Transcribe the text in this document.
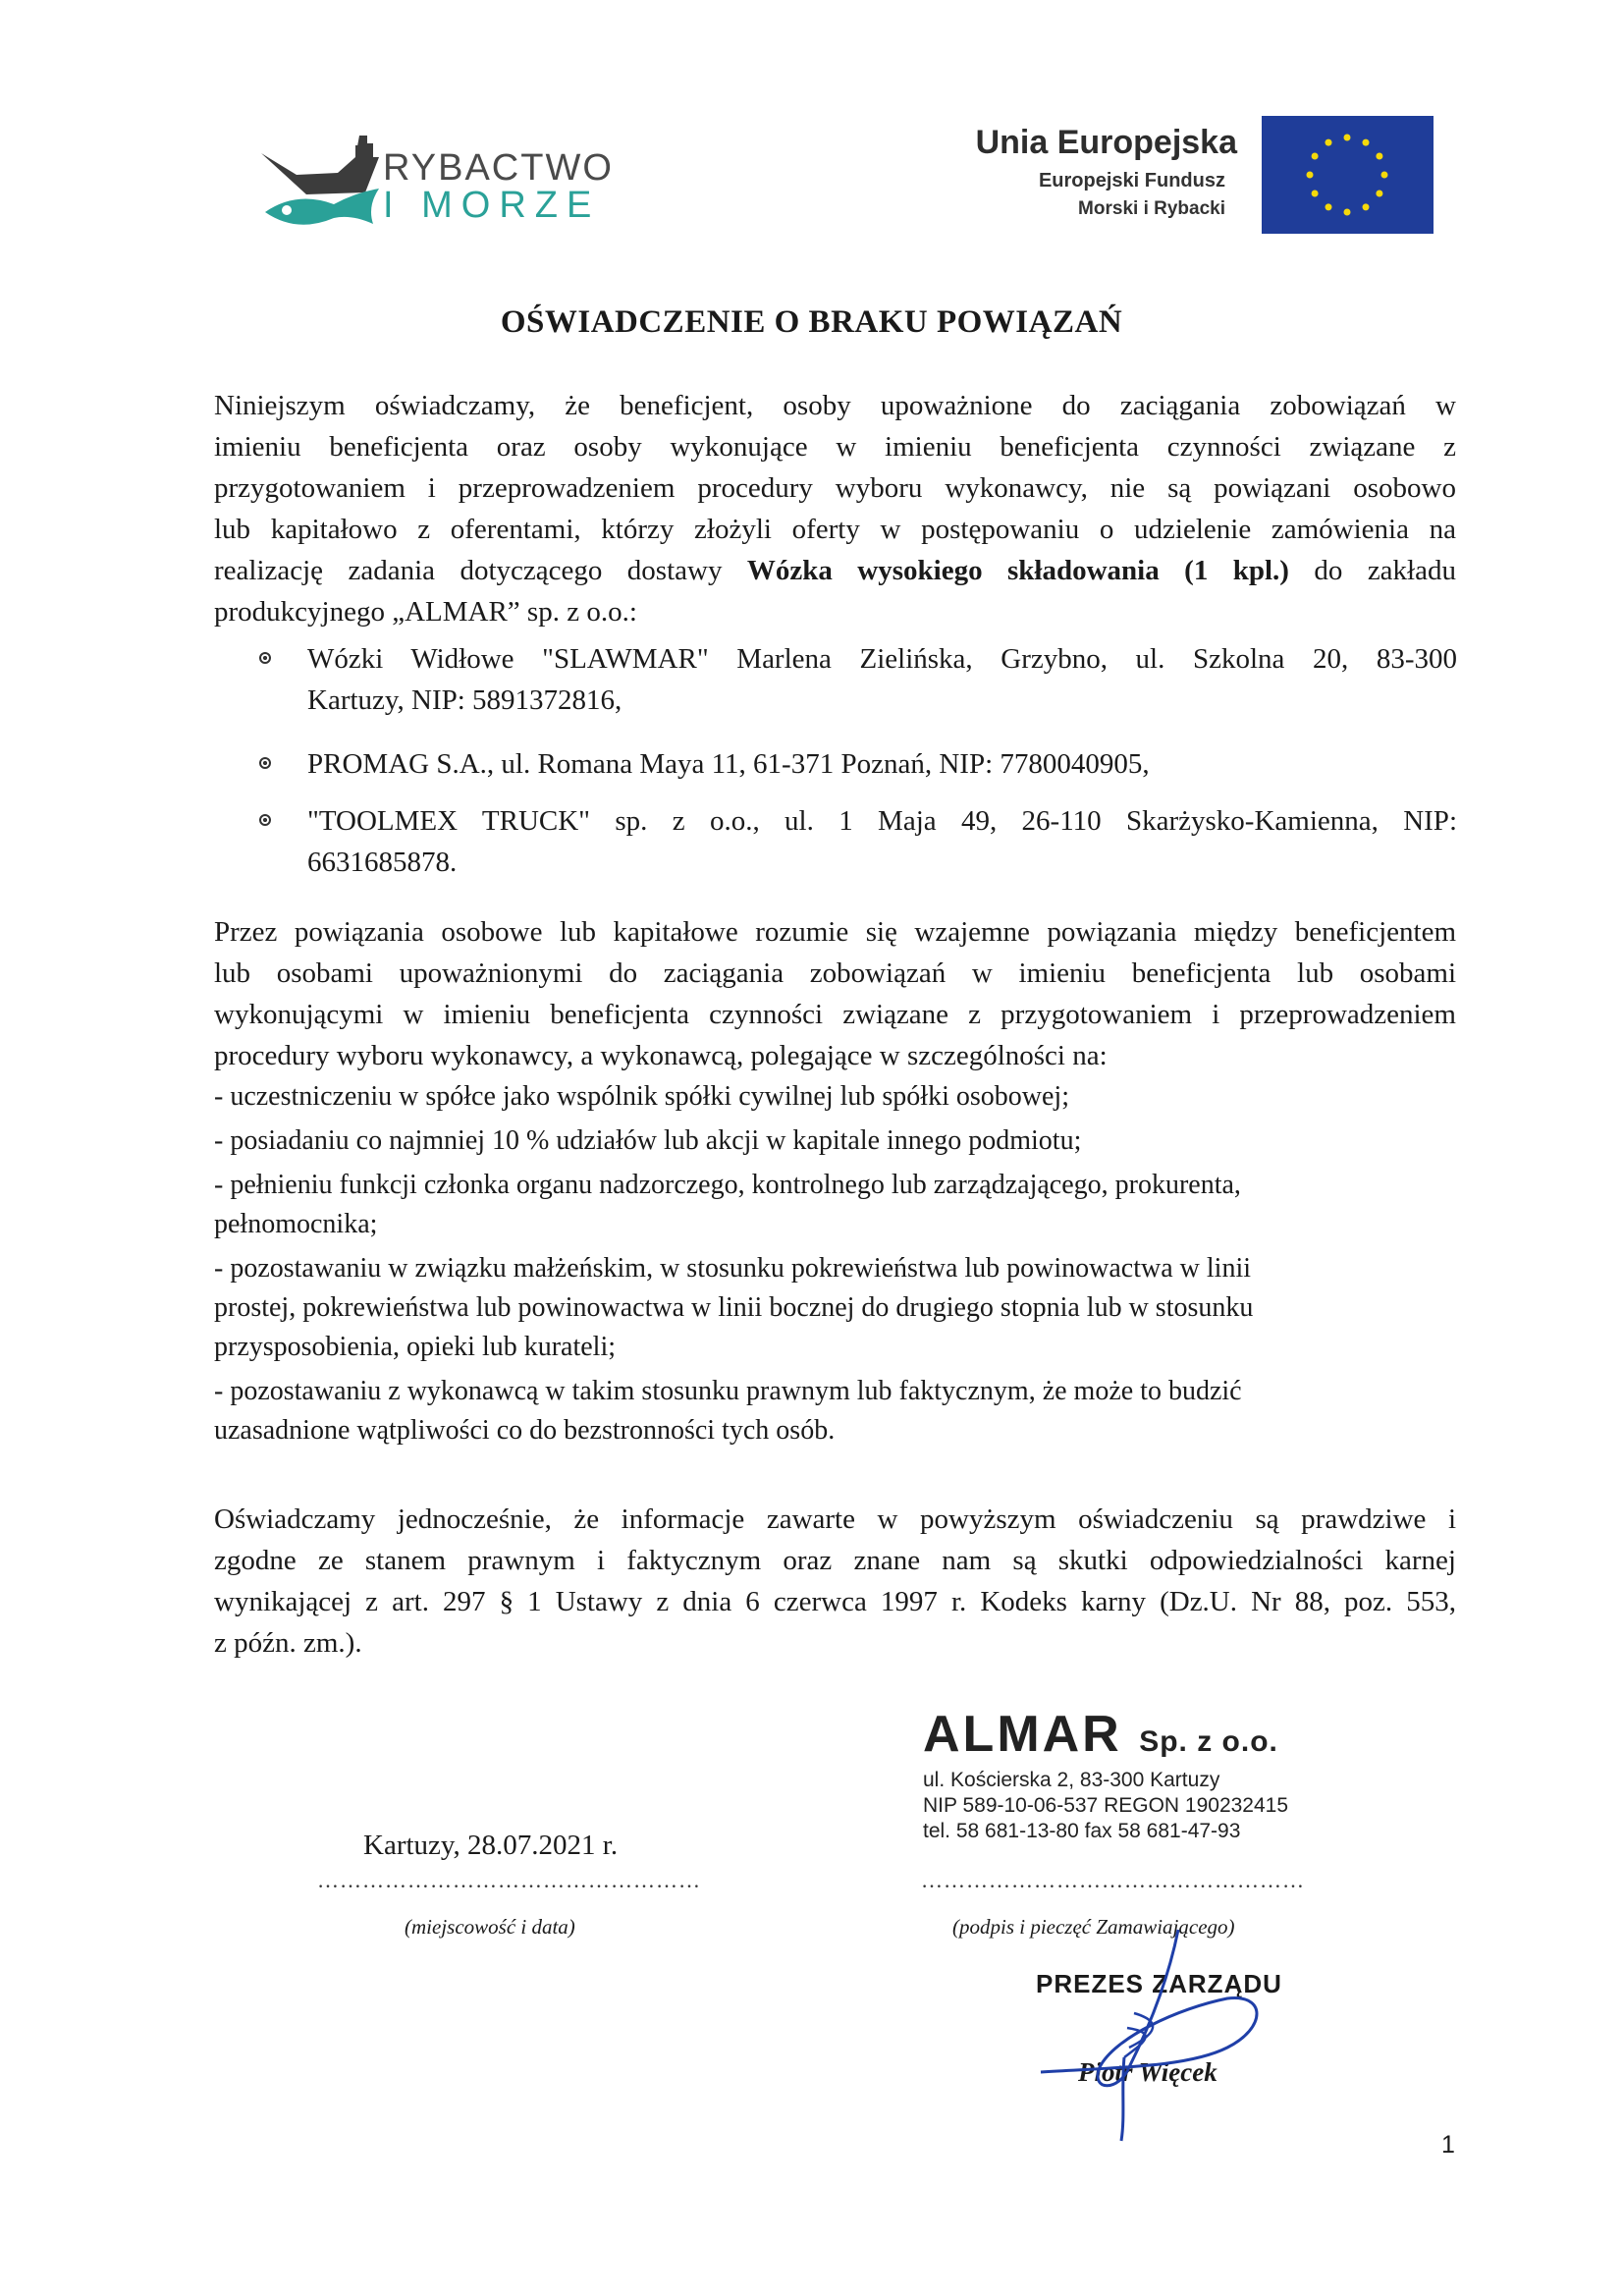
RYBACTWO
I MORZE
Unia Europejska
Europejski Fundusz
Morski i Rybacki
OŚWIADCZENIE O BRAKU POWIĄZAŃ
Niniejszym oświadczamy, że beneficjent, osoby upoważnione do zaciągania zobowiązań w
imieniu beneficjenta oraz osoby wykonujące w imieniu beneficjenta czynności związane z
przygotowaniem i przeprowadzeniem procedury wyboru wykonawcy, nie są powiązani osobowo
lub kapitałowo z oferentami, którzy złożyli oferty w postępowaniu o udzielenie zamówienia na
realizację zadania dotyczącego dostawy Wózka wysokiego składowania (1 kpl.) do zakładu
produkcyjnego „ALMAR” sp. z o.o.:
Wózki Widłowe "SLAWMAR" Marlena Zielińska, Grzybno, ul. Szkolna 20, 83-300
Kartuzy, NIP: 5891372816,
PROMAG S.A., ul. Romana Maya 11, 61-371 Poznań, NIP: 7780040905,
"TOOLMEX TRUCK" sp. z o.o., ul. 1 Maja 49, 26-110 Skarżysko-Kamienna, NIP:
6631685878.
Przez powiązania osobowe lub kapitałowe rozumie się wzajemne powiązania między beneficjentem
lub osobami upoważnionymi do zaciągania zobowiązań w imieniu beneficjenta lub osobami
wykonującymi w imieniu beneficjenta czynności związane z przygotowaniem i przeprowadzeniem
procedury wyboru wykonawcy, a wykonawcą, polegające w szczególności na:
- uczestniczeniu w spółce jako wspólnik spółki cywilnej lub spółki osobowej;
- posiadaniu co najmniej 10 % udziałów lub akcji w kapitale innego podmiotu;
- pełnieniu funkcji członka organu nadzorczego, kontrolnego lub zarządzającego, prokurenta,
pełnomocnika;
- pozostawaniu w związku małżeńskim, w stosunku pokrewieństwa lub powinowactwa w linii
prostej, pokrewieństwa lub powinowactwa w linii bocznej do drugiego stopnia lub w stosunku
przysposobienia, opieki lub kurateli;
- pozostawaniu z wykonawcą w takim stosunku prawnym lub faktycznym, że może to budzić
uzasadnione wątpliwości co do bezstronności tych osób.
Oświadczamy jednocześnie, że informacje zawarte w powyższym oświadczeniu są prawdziwe i
zgodne ze stanem prawnym i faktycznym oraz znane nam są skutki odpowiedzialności karnej
wynikającej z art. 297 § 1 Ustawy z dnia 6 czerwca 1997 r. Kodeks karny (Dz.U. Nr 88, poz. 553,
z późn. zm.).
ALMAR Sp. z o.o.
ul. Kościerska 2, 83-300 Kartuzy
NIP 589-10-06-537 REGON 190232415
tel. 58 681-13-80 fax 58 681-47-93
Kartuzy, 28.07.2021 r.
……………………………………………	……………………………………………
(miejscowość i data)	(podpis i pieczęć Zamawiającego)
PREZES ZARZĄDU
Piotr Więcek
1
